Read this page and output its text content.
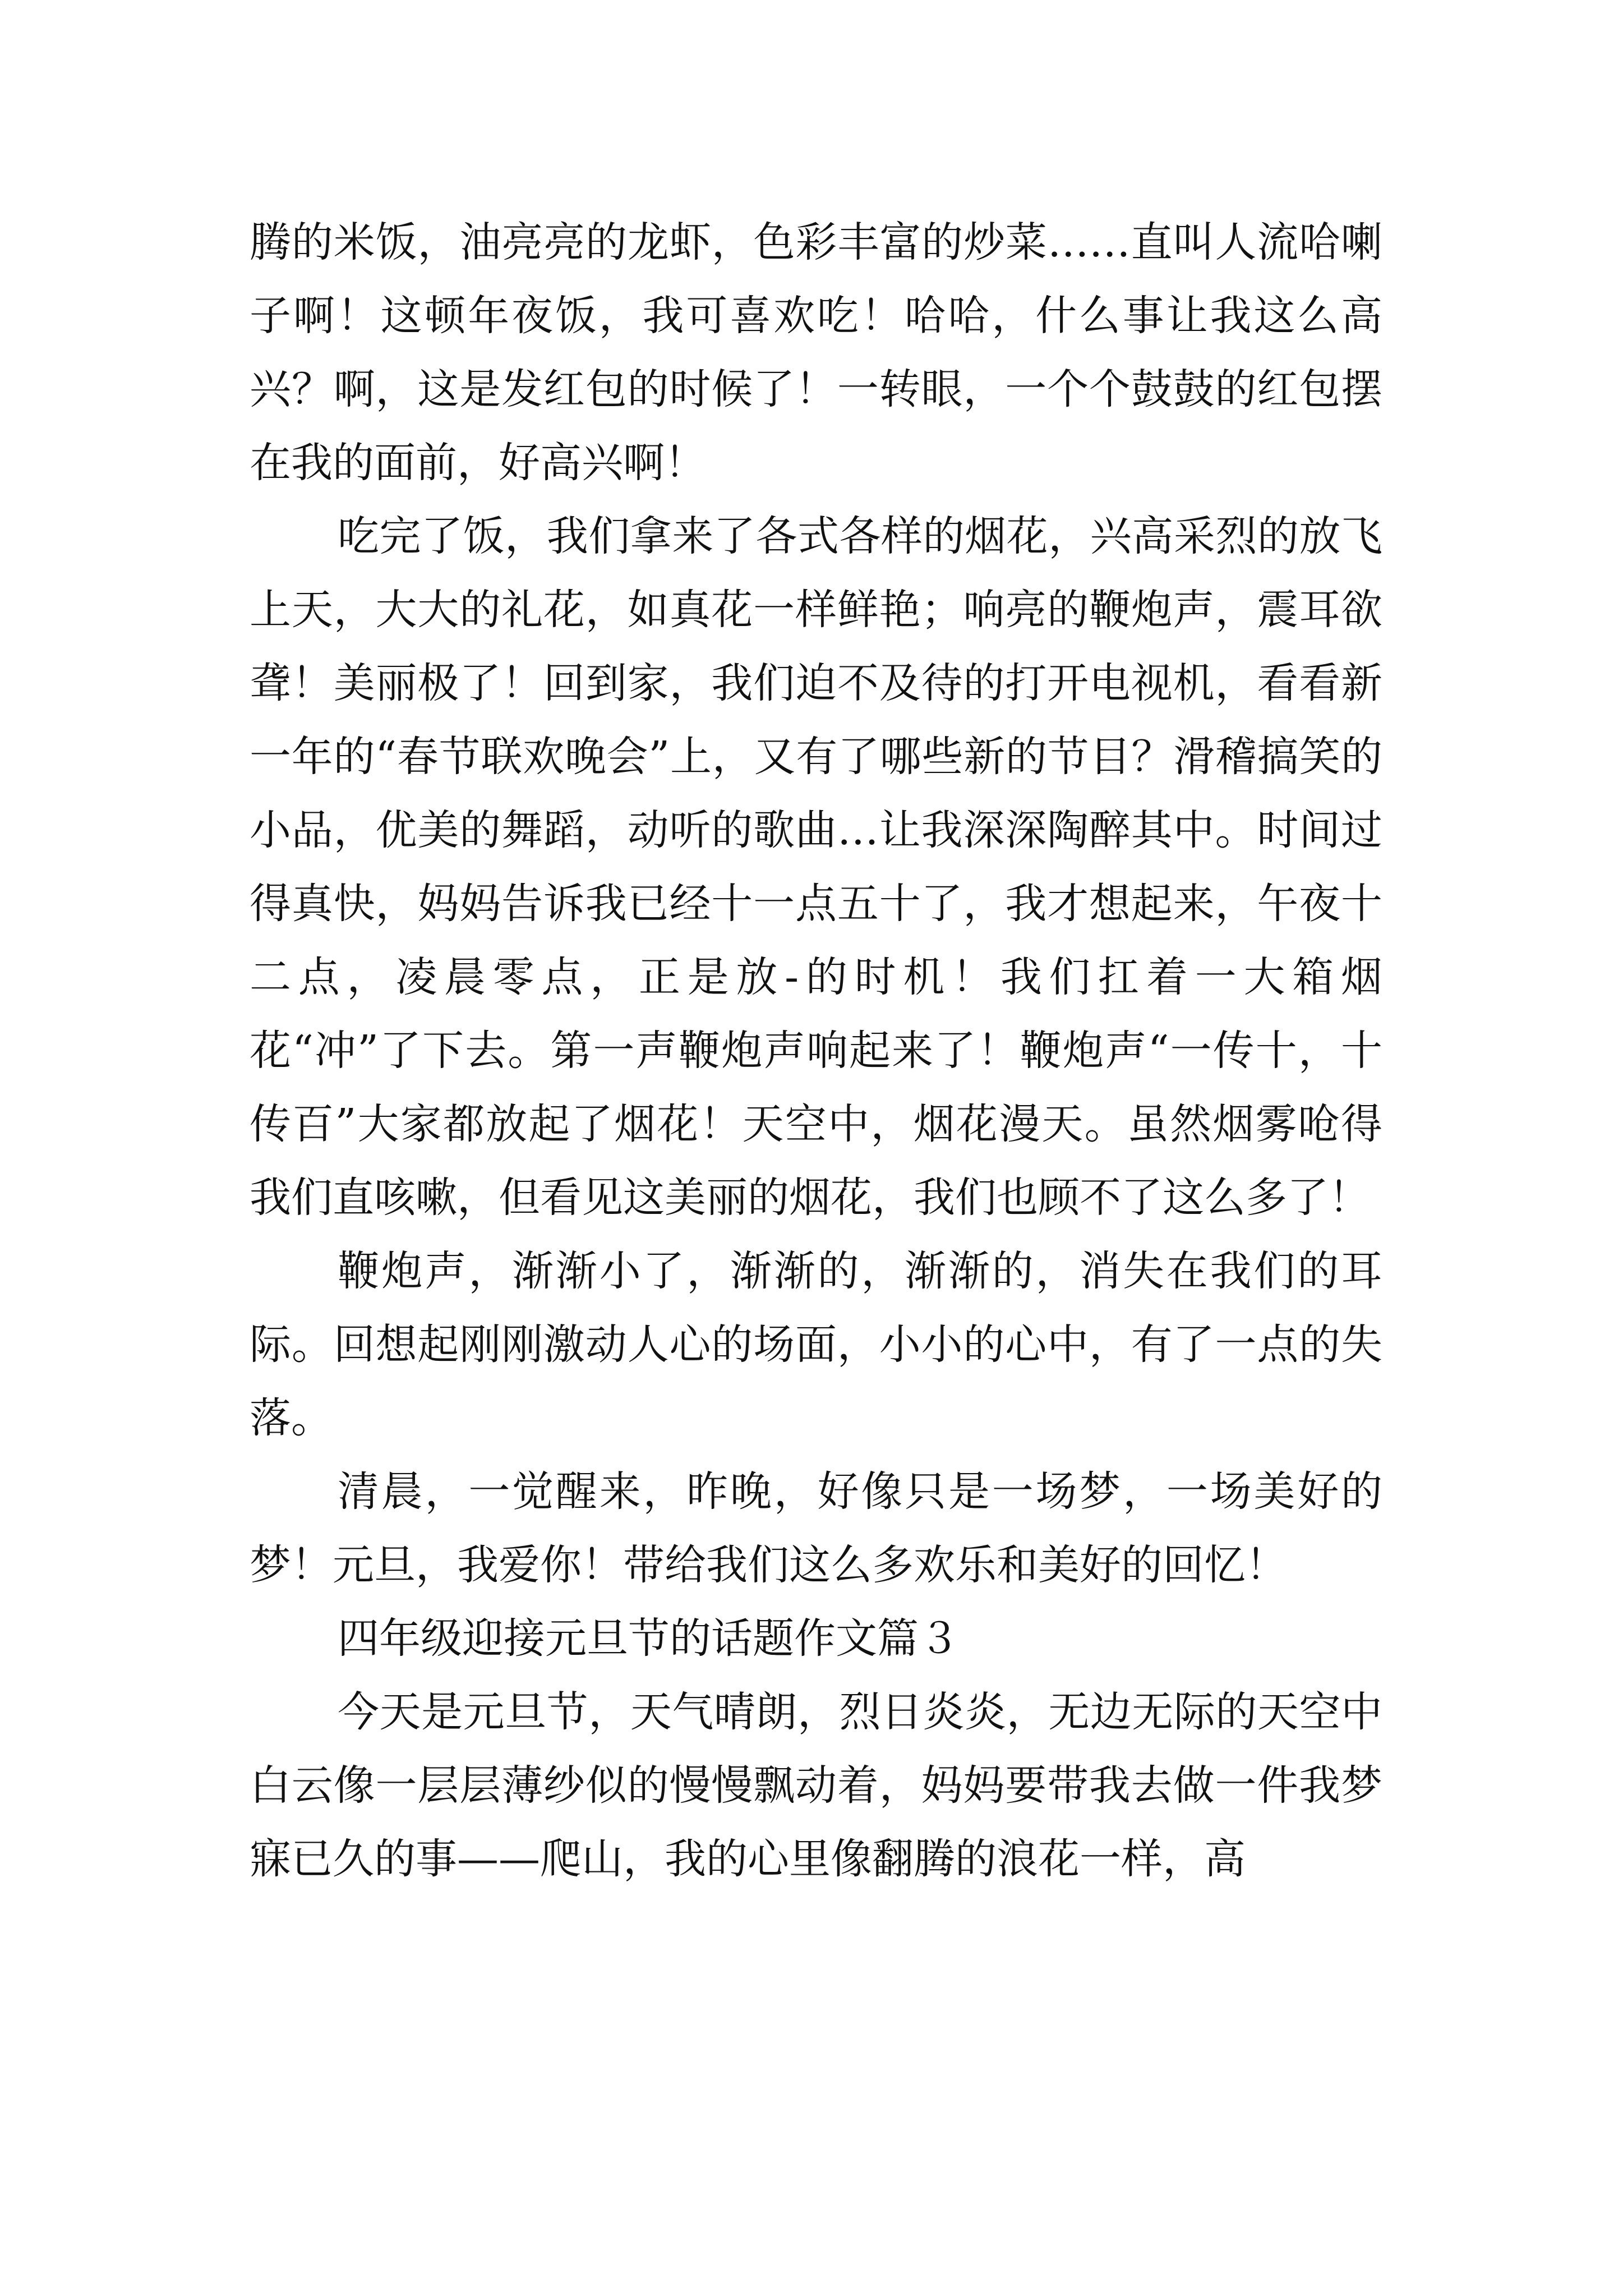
腾的米饭，油亮亮的龙虾，色彩丰富的炒菜……直叫人流哈喇子啊！这顿年夜饭，我可喜欢吃！哈哈，什么事让我这么高兴？啊，这是发红包的时候了！一转眼，一个个鼓鼓的红包摆在我的面前，好高兴啊！

吃完了饭，我们拿来了各式各样的烟花，兴高采烈的放飞上天，大大的礼花，如真花一样鲜艳；响亮的鞭炮声，震耳欲聋！美丽极了！回到家，我们迫不及待的打开电视机，看看新一年的“春节联欢晚会”上，又有了哪些新的节目？滑稽搞笑的小品，优美的舞蹈，动听的歌曲…让我深深陶醉其中。时间过得真快，妈妈告诉我已经十一点五十了，我才想起来，午夜十二点，凌晨零点，正是放-的时机！我们扛着一大箱烟花“冲”了下去。第一声鞭炮声响起来了！鞭炮声“一传十，十传百”大家都放起了烟花！天空中，烟花漫天。虽然烟雾呛得我们直咳嗽，但看见这美丽的烟花，我们也顾不了这么多了！

鞭炮声，渐渐小了，渐渐的，渐渐的，消失在我们的耳际。回想起刚刚激动人心的场面，小小的心中，有了一点的失落。

清晨，一觉醒来，昨晚，好像只是一场梦，一场美好的梦！元旦，我爱你！带给我们这么多欢乐和美好的回忆！

四年级迎接元旦节的话题作文篇３

今天是元旦节，天气晴朗，烈日炎炎，无边无际的天空中白云像一层层薄纱似的慢慢飘动着，妈妈要带我去做一件我梦寐已久的事——爬山，我的心里像翻腾的浪花一样，高
